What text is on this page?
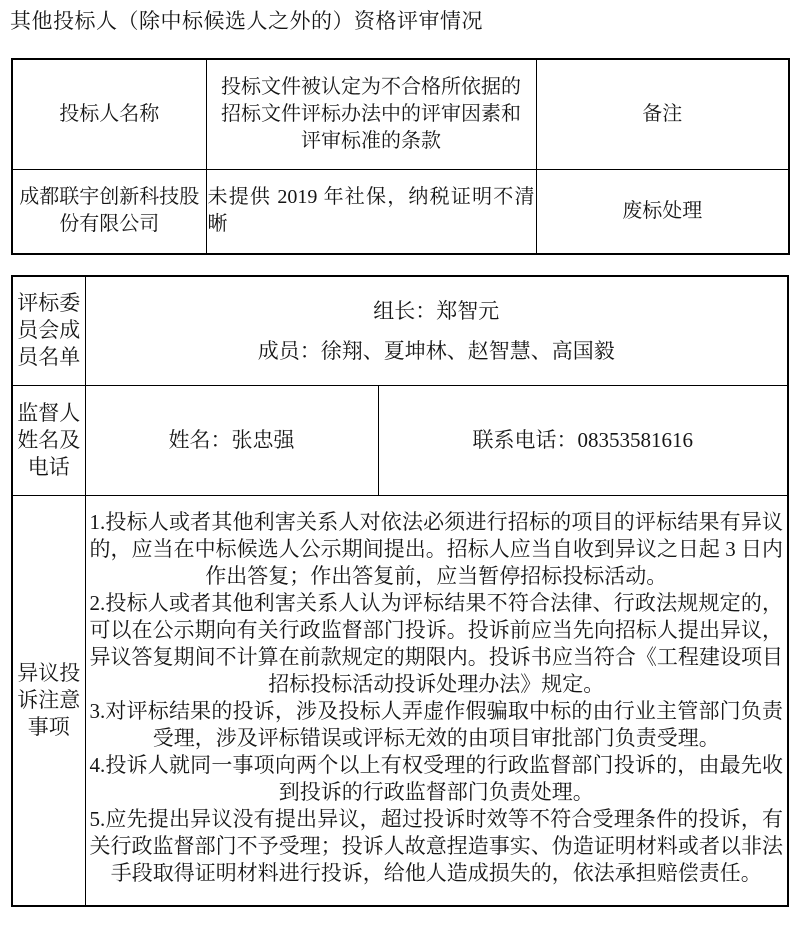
其他投标人（除中标候选人之外的）资格评审情况
投标人名称	投标文件被认定为不合格所依据的招标文件评标办法中的评审因素和评审标准的条款	备注
成都联宇创新科技股份有限公司	未提供 2019 年社保，纳税证明不清晰	废标处理
评标委员会成员名单	组长：郑智元
成员：徐翔、夏坤林、赵智慧、高国毅	

监督人姓名及电话	姓名：张忠强	联系电话：08353581616
异议投诉注意事项	1.投标人或者其他利害关系人对依法必须进行招标的项目的评标结果有异议的，应当在中标候选人公示期间提出。招标人应当自收到异议之日起 3 日内作出答复；作出答复前，应当暂停招标投标活动。

2.投标人或者其他利害关系人认为评标结果不符合法律、行政法规规定的，可以在公示期向有关行政监督部门投诉。投诉前应当先向招标人提出异议，异议答复期间不计算在前款规定的期限内。投诉书应当符合《工程建设项目招标投标活动投诉处理办法》规定。

3.对评标结果的投诉，涉及投标人弄虚作假骗取中标的由行业主管部门负责受理，涉及评标错误或评标无效的由项目审批部门负责受理。

4.投诉人就同一事项向两个以上有权受理的行政监督部门投诉的，由最先收到投诉的行政监督部门负责处理。

5.应先提出异议没有提出异议，超过投诉时效等不符合受理条件的投诉，有关行政监督部门不予受理；投诉人故意捏造事实、伪造证明材料或者以非法手段取得证明材料进行投诉，给他人造成损失的，依法承担赔偿责任。	
